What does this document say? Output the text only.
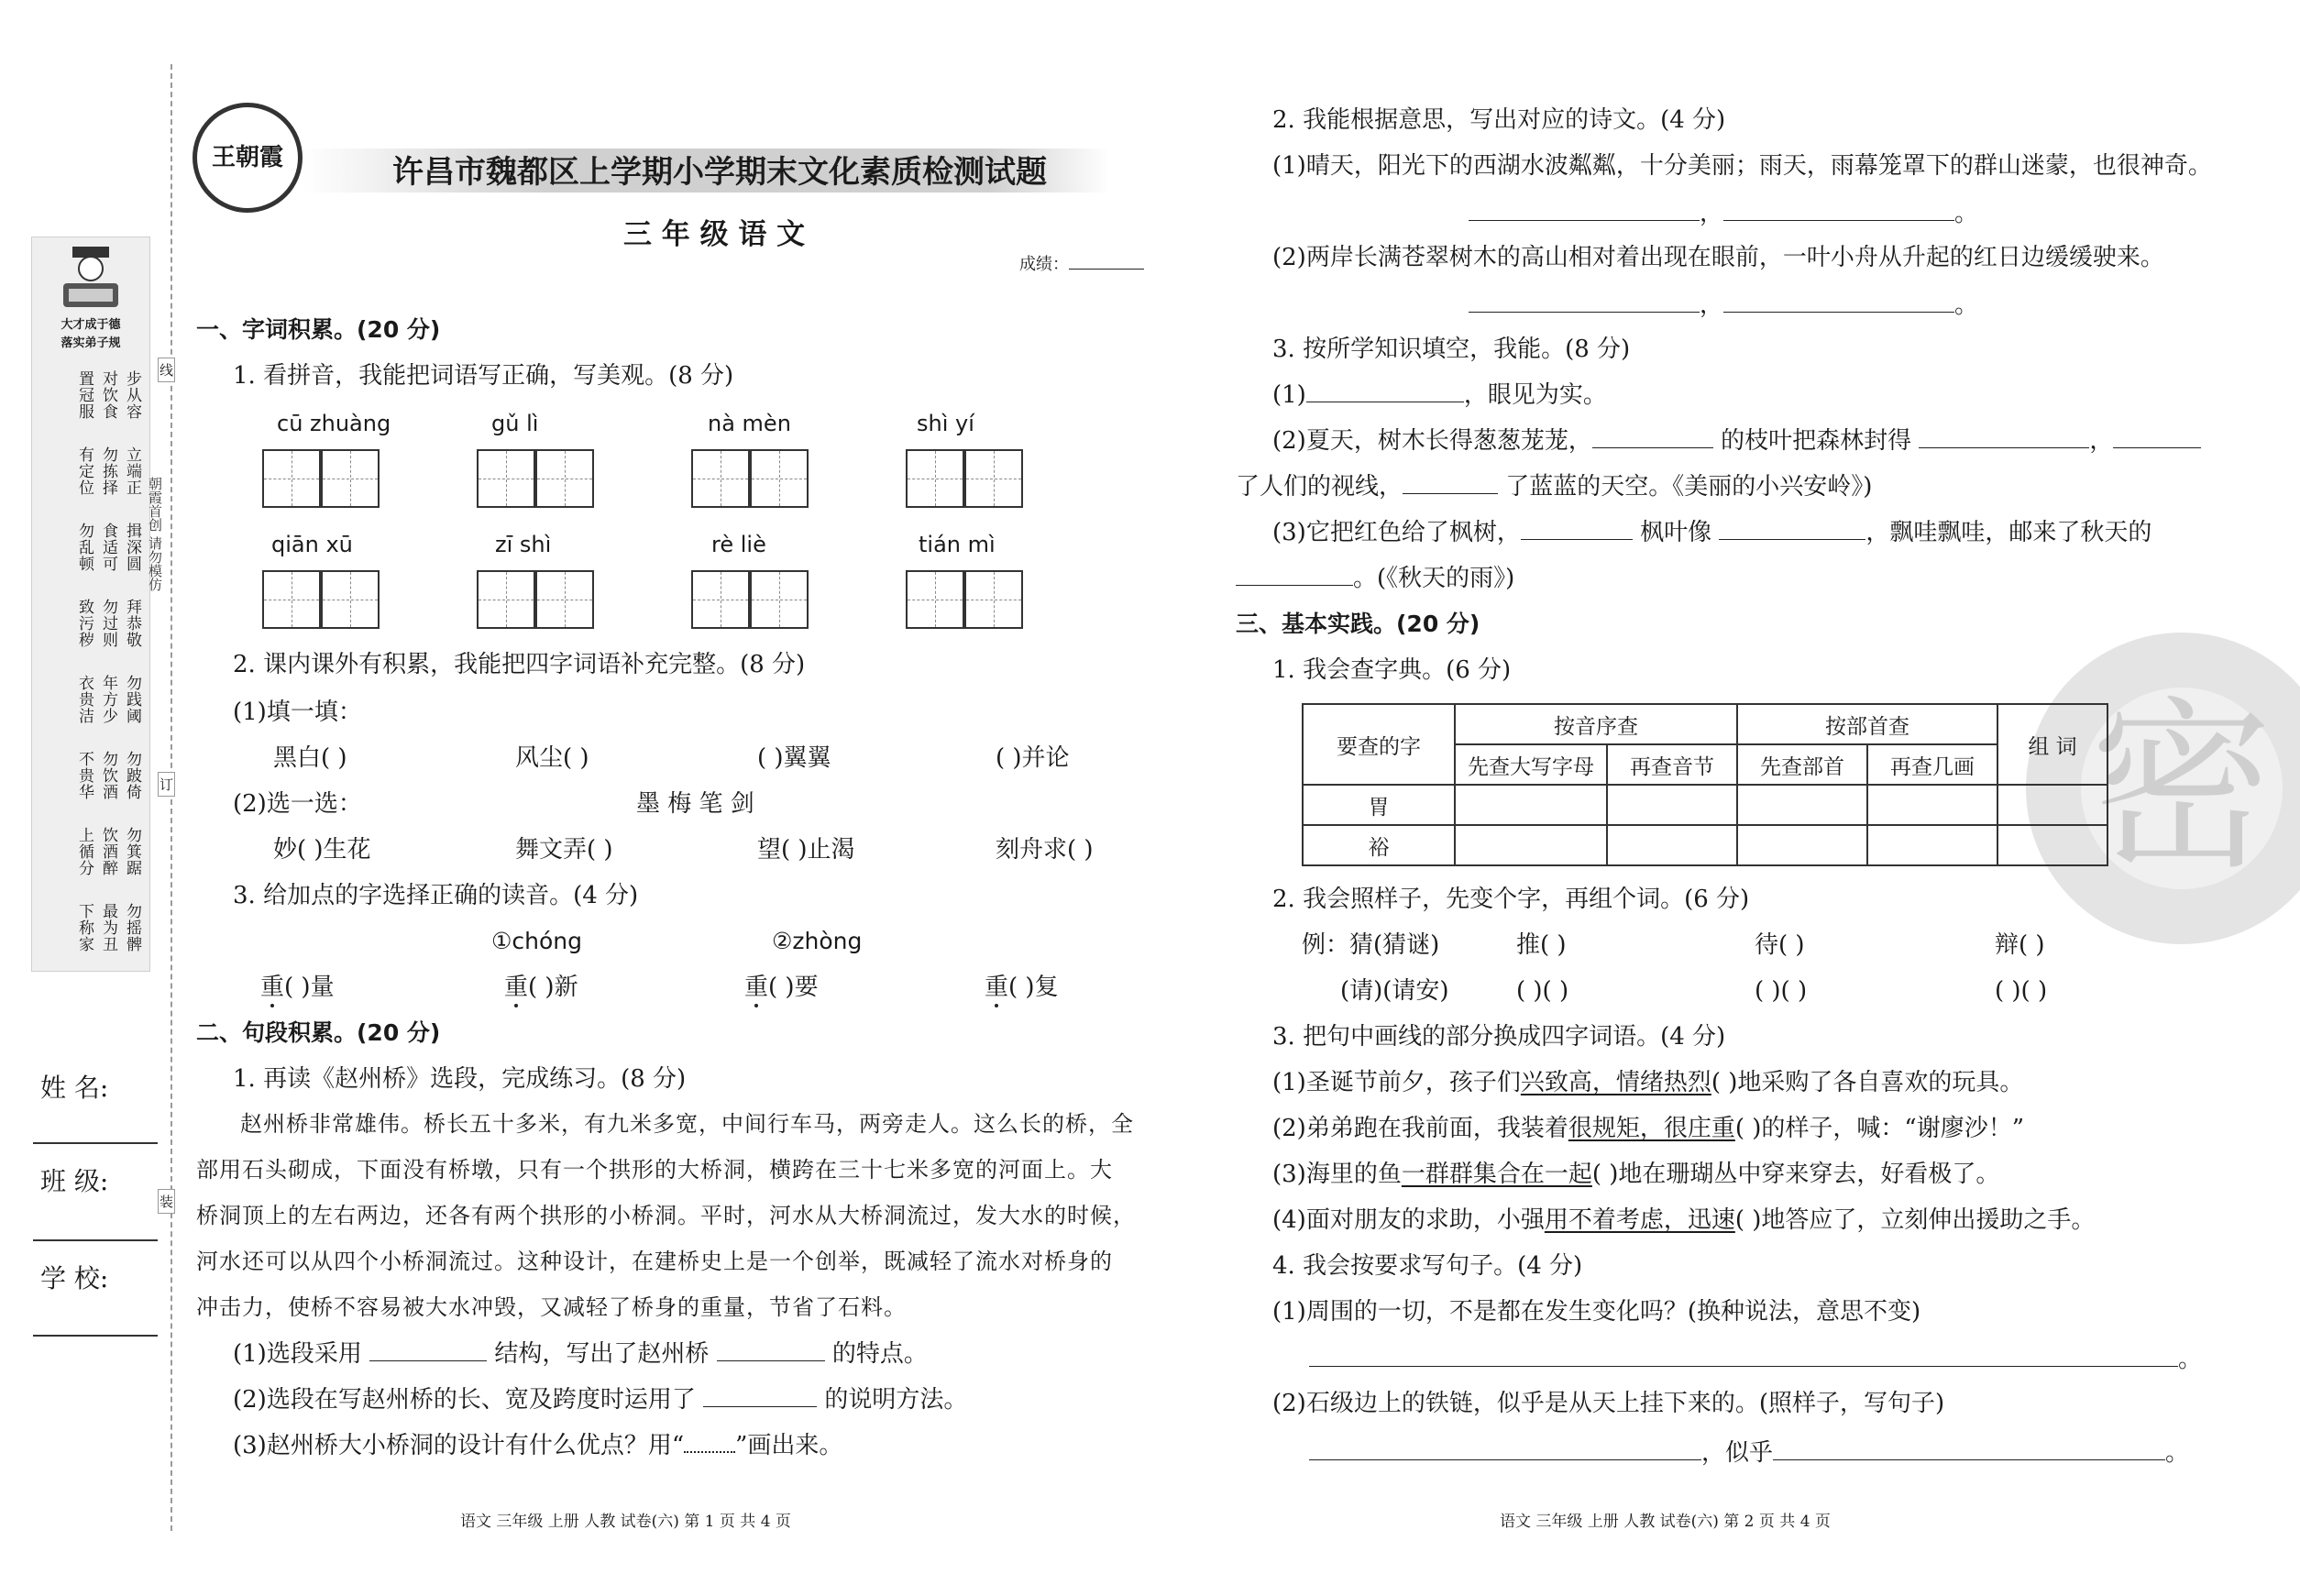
大才成于德
落实弟子规
步从容
对饮食
置冠服
立端正
勿拣择
有定位
揖深圆
食适可
勿乱顿
拜恭敬
勿过则
致污秽
勿践阈
年方少
衣贵洁
勿跛倚
勿饮酒
不贵华
勿箕踞
饮酒醉
上循分
勿摇髀
最为丑
下称家
朝霞首创 请勿模仿
线
订
装
姓 名:
班 级:
学 校:
王朝霞	许昌市魏都区上学期小学期末文化素质检测试题
三 年 级 语 文
成绩：
一、字词积累。(20 分)
1. 看拼音，我能把词语写正确，写美观。(8 分)
cū zhuàng	gǔ lì	nà mèn	shì yí
qiān xū	zī shì	rè liè	tián mì
2. 课内课外有积累，我能把四字词语补充完整。(8 分)
(1)填一填：
黑白( )	风尘( )	( )翼翼	( )并论
(2)选一选：	墨 梅 笔 剑
妙( )生花	舞文弄( )	望( )止渴	刻舟求( )
3. 给加点的字选择正确的读音。(4 分)
①chóng	②zhòng
重( )量	重( )新	重( )要	重( )复
二、句段积累。(20 分)
1. 再读《赵州桥》选段，完成练习。(8 分)
赵州桥非常雄伟。桥长五十多米，有九米多宽，中间行车马，两旁走人。这么长的桥，全
部用石头砌成，下面没有桥墩，只有一个拱形的大桥洞，横跨在三十七米多宽的河面上。大
桥洞顶上的左右两边，还各有两个拱形的小桥洞。平时，河水从大桥洞流过，发大水的时候，
河水还可以从四个小桥洞流过。这种设计，在建桥史上是一个创举，既减轻了流水对桥身的
冲击力，使桥不容易被大水冲毁，又减轻了桥身的重量，节省了石料。
(1)选段采用	结构，写出了赵州桥	的特点。
(2)选段在写赵州桥的长、宽及跨度时运用了	的说明方法。
(3)赵州桥大小桥洞的设计有什么优点？用“ ”画出来。
语文 三年级 上册 人教 试卷(六) 第 1 页 共 4 页
密
2. 我能根据意思，写出对应的诗文。(4 分)
(1)晴天，阳光下的西湖水波粼粼，十分美丽；雨天，雨幕笼罩下的群山迷蒙，也很神奇。
，	。
(2)两岸长满苍翠树木的高山相对着出现在眼前，一叶小舟从升起的红日边缓缓驶来。
，	。
3. 按所学知识填空，我能。(8 分)
(1)	，眼见为实。
(2)夏天，树木长得葱葱茏茏，	的枝叶把森林封得	，
了人们的视线，	了蓝蓝的天空。《美丽的小兴安岭》)
(3)它把红色给了枫树，	枫叶像	，飘哇飘哇，邮来了秋天的
。(《秋天的雨》)
三、基本实践。(20 分)
1. 我会查字典。(6 分)
要查的字	按音序查		按部首查		组 词
	先查大写字母	再查音节	先查部首	再查几画	
胃					
裕					
2. 我会照样子，先变个字，再组个词。(6 分)
例：猜(猜谜)	推( )	待( )	辩( )
(请)(请安)	( )( )	( )( )	( )( )
3. 把句中画线的部分换成四字词语。(4 分)
(1)圣诞节前夕，孩子们兴致高，情绪热烈( )地采购了各自喜欢的玩具。
(2)弟弟跑在我前面，我装着很规矩，很庄重( )的样子，喊：“谢廖沙！”
(3)海里的鱼一群群集合在一起( )地在珊瑚丛中穿来穿去，好看极了。
(4)面对朋友的求助，小强用不着考虑，迅速( )地答应了，立刻伸出援助之手。
4. 我会按要求写句子。(4 分)
(1)周围的一切，不是都在发生变化吗？(换种说法，意思不变)
。
(2)石级边上的铁链，似乎是从天上挂下来的。(照样子，写句子)
，似乎	。
语文 三年级 上册 人教 试卷(六) 第 2 页 共 4 页
